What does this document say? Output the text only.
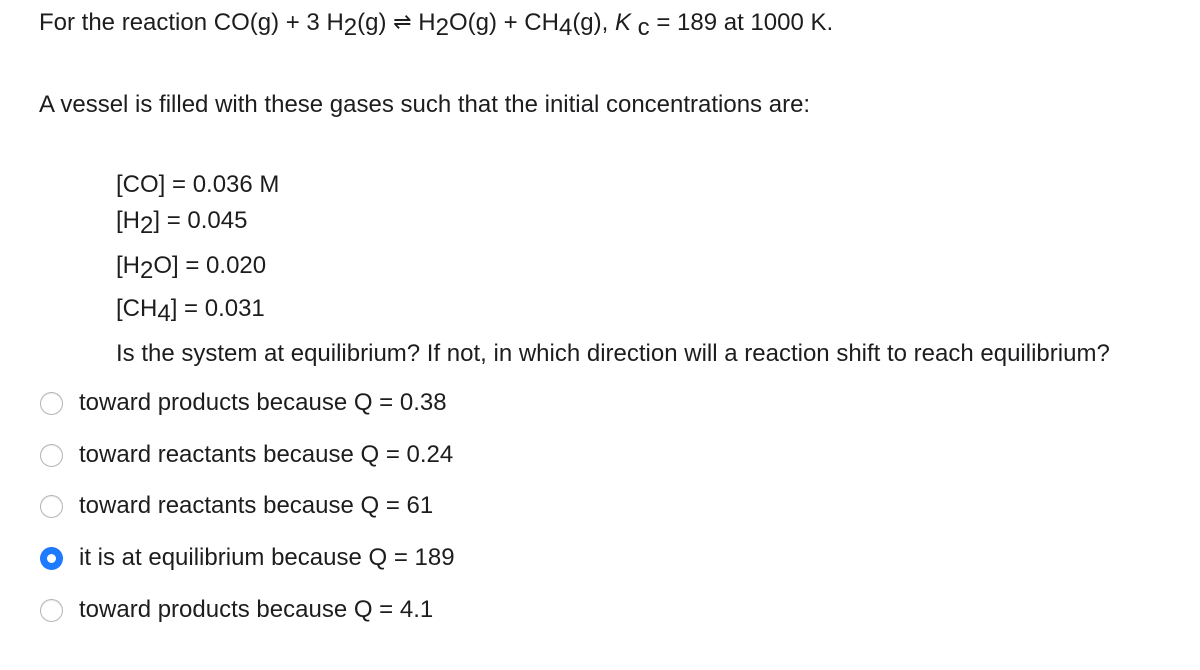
For the reaction CO(g) + 3 $H_2(g)$ ⇌ $H_2O(g) + CH_4(g)$, K $_c$ = 189 at 1000 K.
A vessel is filled with these gases such that the initial concentrations are:
[CO] = 0.036 M
$[H_2] = 0.045$
$[H_2O] = 0.020$
$[CH_4] = 0.031$
Is the system at equilibrium? If not, in which direction will a reaction shift to reach equilibrium?
toward products because Q = 0.38
toward reactants because Q = 0.24
toward reactants because Q = 61
it is at equilibrium because Q = 189
toward products because Q = 4.1
